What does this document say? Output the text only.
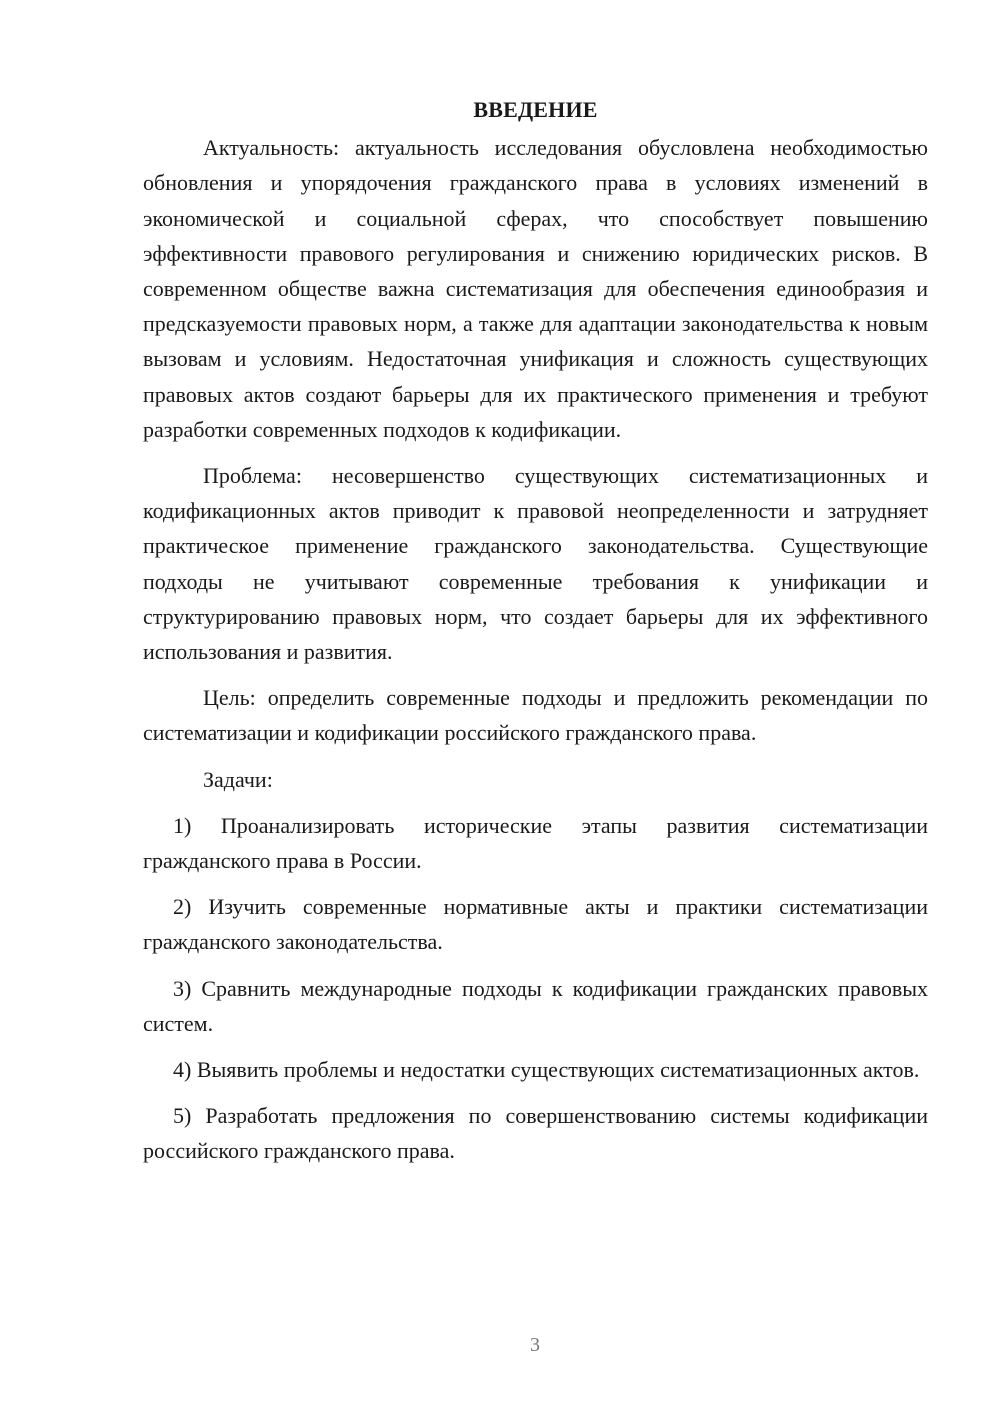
ВВЕДЕНИЕ

Актуальность: актуальность исследования обусловлена необходимостью обновления и упорядочения гражданского права в условиях изменений в экономической и социальной сферах, что способствует повышению эффективности правового регулирования и снижению юридических рисков. В современном обществе важна систематизация для обеспечения единообразия и предсказуемости правовых норм, а также для адаптации законодательства к новым вызовам и условиям. Недостаточная унификация и сложность существующих правовых актов создают барьеры для их практического применения и требуют разработки современных подходов к кодификации.

Проблема: несовершенство существующих систематизационных и кодификационных актов приводит к правовой неопределенности и затрудняет практическое применение гражданского законодательства. Существующие подходы не учитывают современные требования к унификации и структурированию правовых норм, что создает барьеры для их эффективного использования и развития.

Цель: определить современные подходы и предложить рекомендации по систематизации и кодификации российского гражданского права.

Задачи:

1) Проанализировать исторические этапы развития систематизации гражданского права в России.

2) Изучить современные нормативные акты и практики систематизации гражданского законодательства.

3) Сравнить международные подходы к кодификации гражданских правовых систем.

4) Выявить проблемы и недостатки существующих систематизационных актов.

5) Разработать предложения по совершенствованию системы кодификации российского гражданского права.

3
